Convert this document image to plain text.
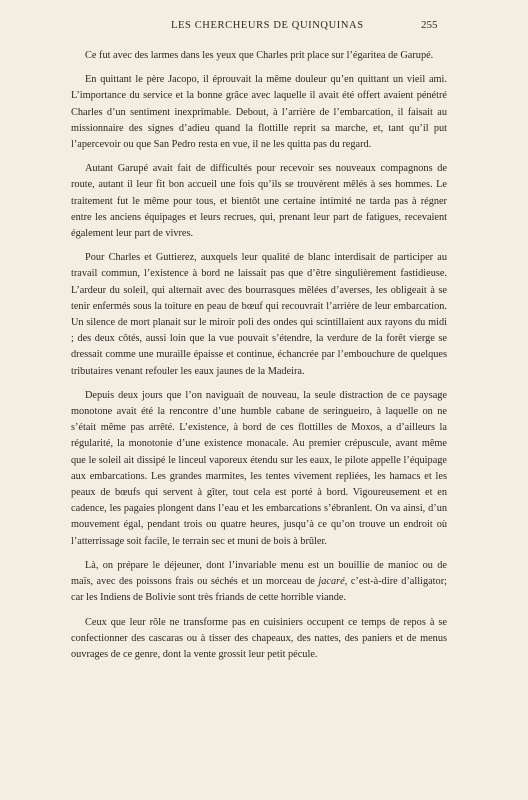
LES CHERCHEURS DE QUINQUINAS	255

Ce fut avec des larmes dans les yeux que Charles prit place sur l’égaritea de Garupé.

En quittant le père Jacopo, il éprouvait la même douleur qu’en quittant un vieil ami. L’importance du service et la bonne grâce avec laquelle il avait été offert avaient pénétré Charles d’un sentiment inexprimable. Debout, à l’arrière de l’embarcation, il faisait au missionnaire des signes d’adieu quand la flottille reprit sa marche, et, tant qu’il put l’apercevoir ou que San Pedro resta en vue, il ne les quitta pas du regard.

Autant Garupé avait fait de difficultés pour recevoir ses nouveaux compagnons de route, autant il leur fit bon accueil une fois qu’ils se trouvèrent mêlés à ses hommes. Le traitement fut le même pour tous, et bientôt une certaine intimité ne tarda pas à régner entre les anciens équipages et leurs recrues, qui, prenant leur part de fatigues, recevaient également leur part de vivres.

Pour Charles et Guttierez, auxquels leur qualité de blanc interdisait de participer au travail commun, l’existence à bord ne laissait pas que d’être singulièrement fastidieuse. L’ardeur du soleil, qui alternait avec des bourrasques mêlées d’averses, les obligeait à se tenir enfermés sous la toiture en peau de bœuf qui recouvrait l’arrière de leur embarcation. Un silence de mort planait sur le miroir poli des ondes qui scintillaient aux rayons du midi ; des deux côtés, aussi loin que la vue pouvait s’étendre, la verdure de la forêt vierge se dressait comme une muraille épaisse et continue, échancrée par l’embouchure de quelques tributaires venant refouler les eaux jaunes de la Madeira.

Depuis deux jours que l’on naviguait de nouveau, la seule distraction de ce paysage monotone avait été la rencontre d’une humble cabane de seringueiro, à laquelle on ne s’était même pas arrêté. L’existence, à bord de ces flottilles de Moxos, a d’ailleurs la régularité, la monotonie d’une existence monacale. Au premier crépuscule, avant même que le soleil ait dissipé le linceul vaporeux étendu sur les eaux, le pilote appelle l’équipage aux embarcations. Les grandes marmites, les tentes vivement repliées, les hamacs et les peaux de bœufs qui servent à gîter, tout cela est porté à bord. Vigoureusement et en cadence, les pagaies plongent dans l’eau et les embarcations s’ébranlent. On va ainsi, d’un mouvement égal, pendant trois ou quatre heures, jusqu’à ce qu’on trouve un endroit où l’atterrissage soit facile, le terrain sec et muni de bois à brûler.

Là, on prépare le déjeuner, dont l’invariable menu est un bouillie de manioc ou de maïs, avec des poissons frais ou séchés et un morceau de jacaré, c’est-à-dire d’alligator; car les Indiens de Bolivie sont très friands de cette horrible viande.

Ceux que leur rôle ne transforme pas en cuisiniers occupent ce temps de repos à se confectionner des cascaras ou à tisser des chapeaux, des nattes, des paniers et de menus ouvrages de ce genre, dont la vente grossit leur petit pécule.
